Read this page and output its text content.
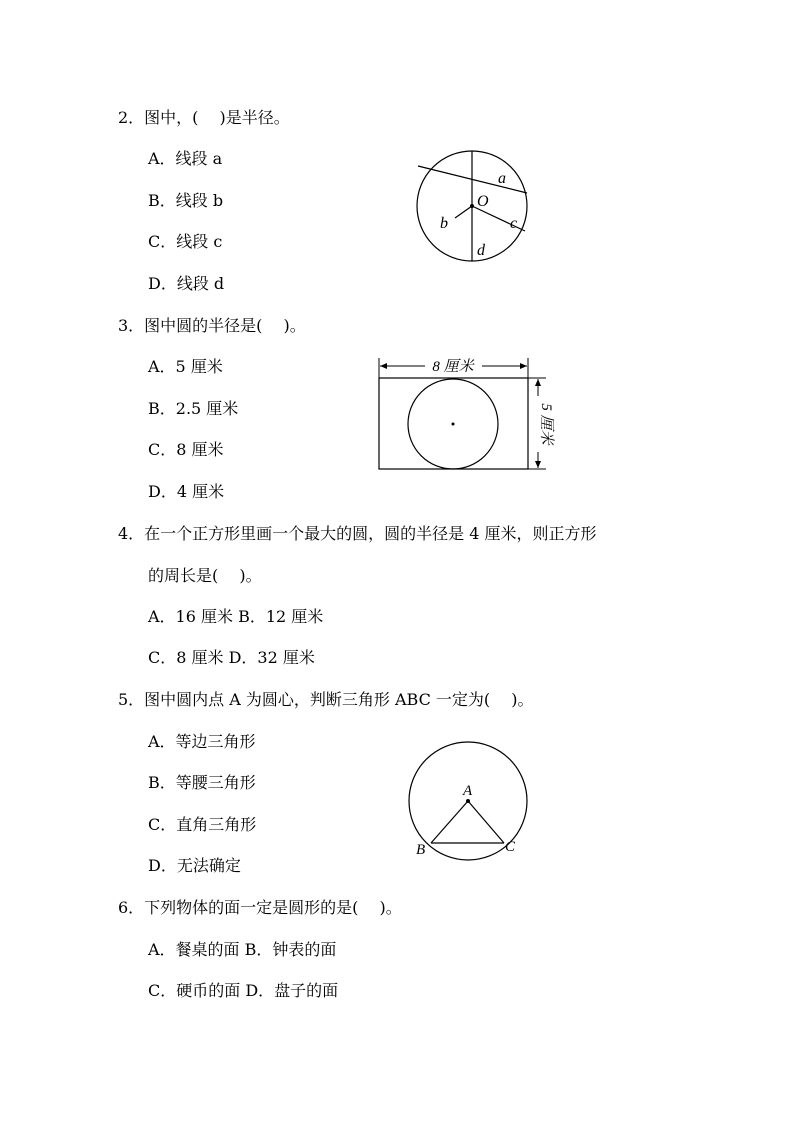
2．图中，(　 )是半径。
A．线段 a
B．线段 b
C．线段 c
D．线段 d
a
O
b	c
d
3．图中圆的半径是(　 )。
A．5 厘米
B．2.5 厘米
C．8 厘米
D．4 厘米
8 厘米
5 厘米
4．在一个正方形里画一个最大的圆，圆的半径是 4 厘米，则正方形
的周长是(　 )。
A．16 厘米 B．12 厘米
C．8 厘米 D．32 厘米
5．图中圆内点 A 为圆心，判断三角形 ABC 一定为(　 )。
A．等边三角形
B．等腰三角形
C．直角三角形
D．无法确定
A
B	C
6．下列物体的面一定是圆形的是(　 )。
A．餐桌的面 B．钟表的面
C．硬币的面 D．盘子的面
